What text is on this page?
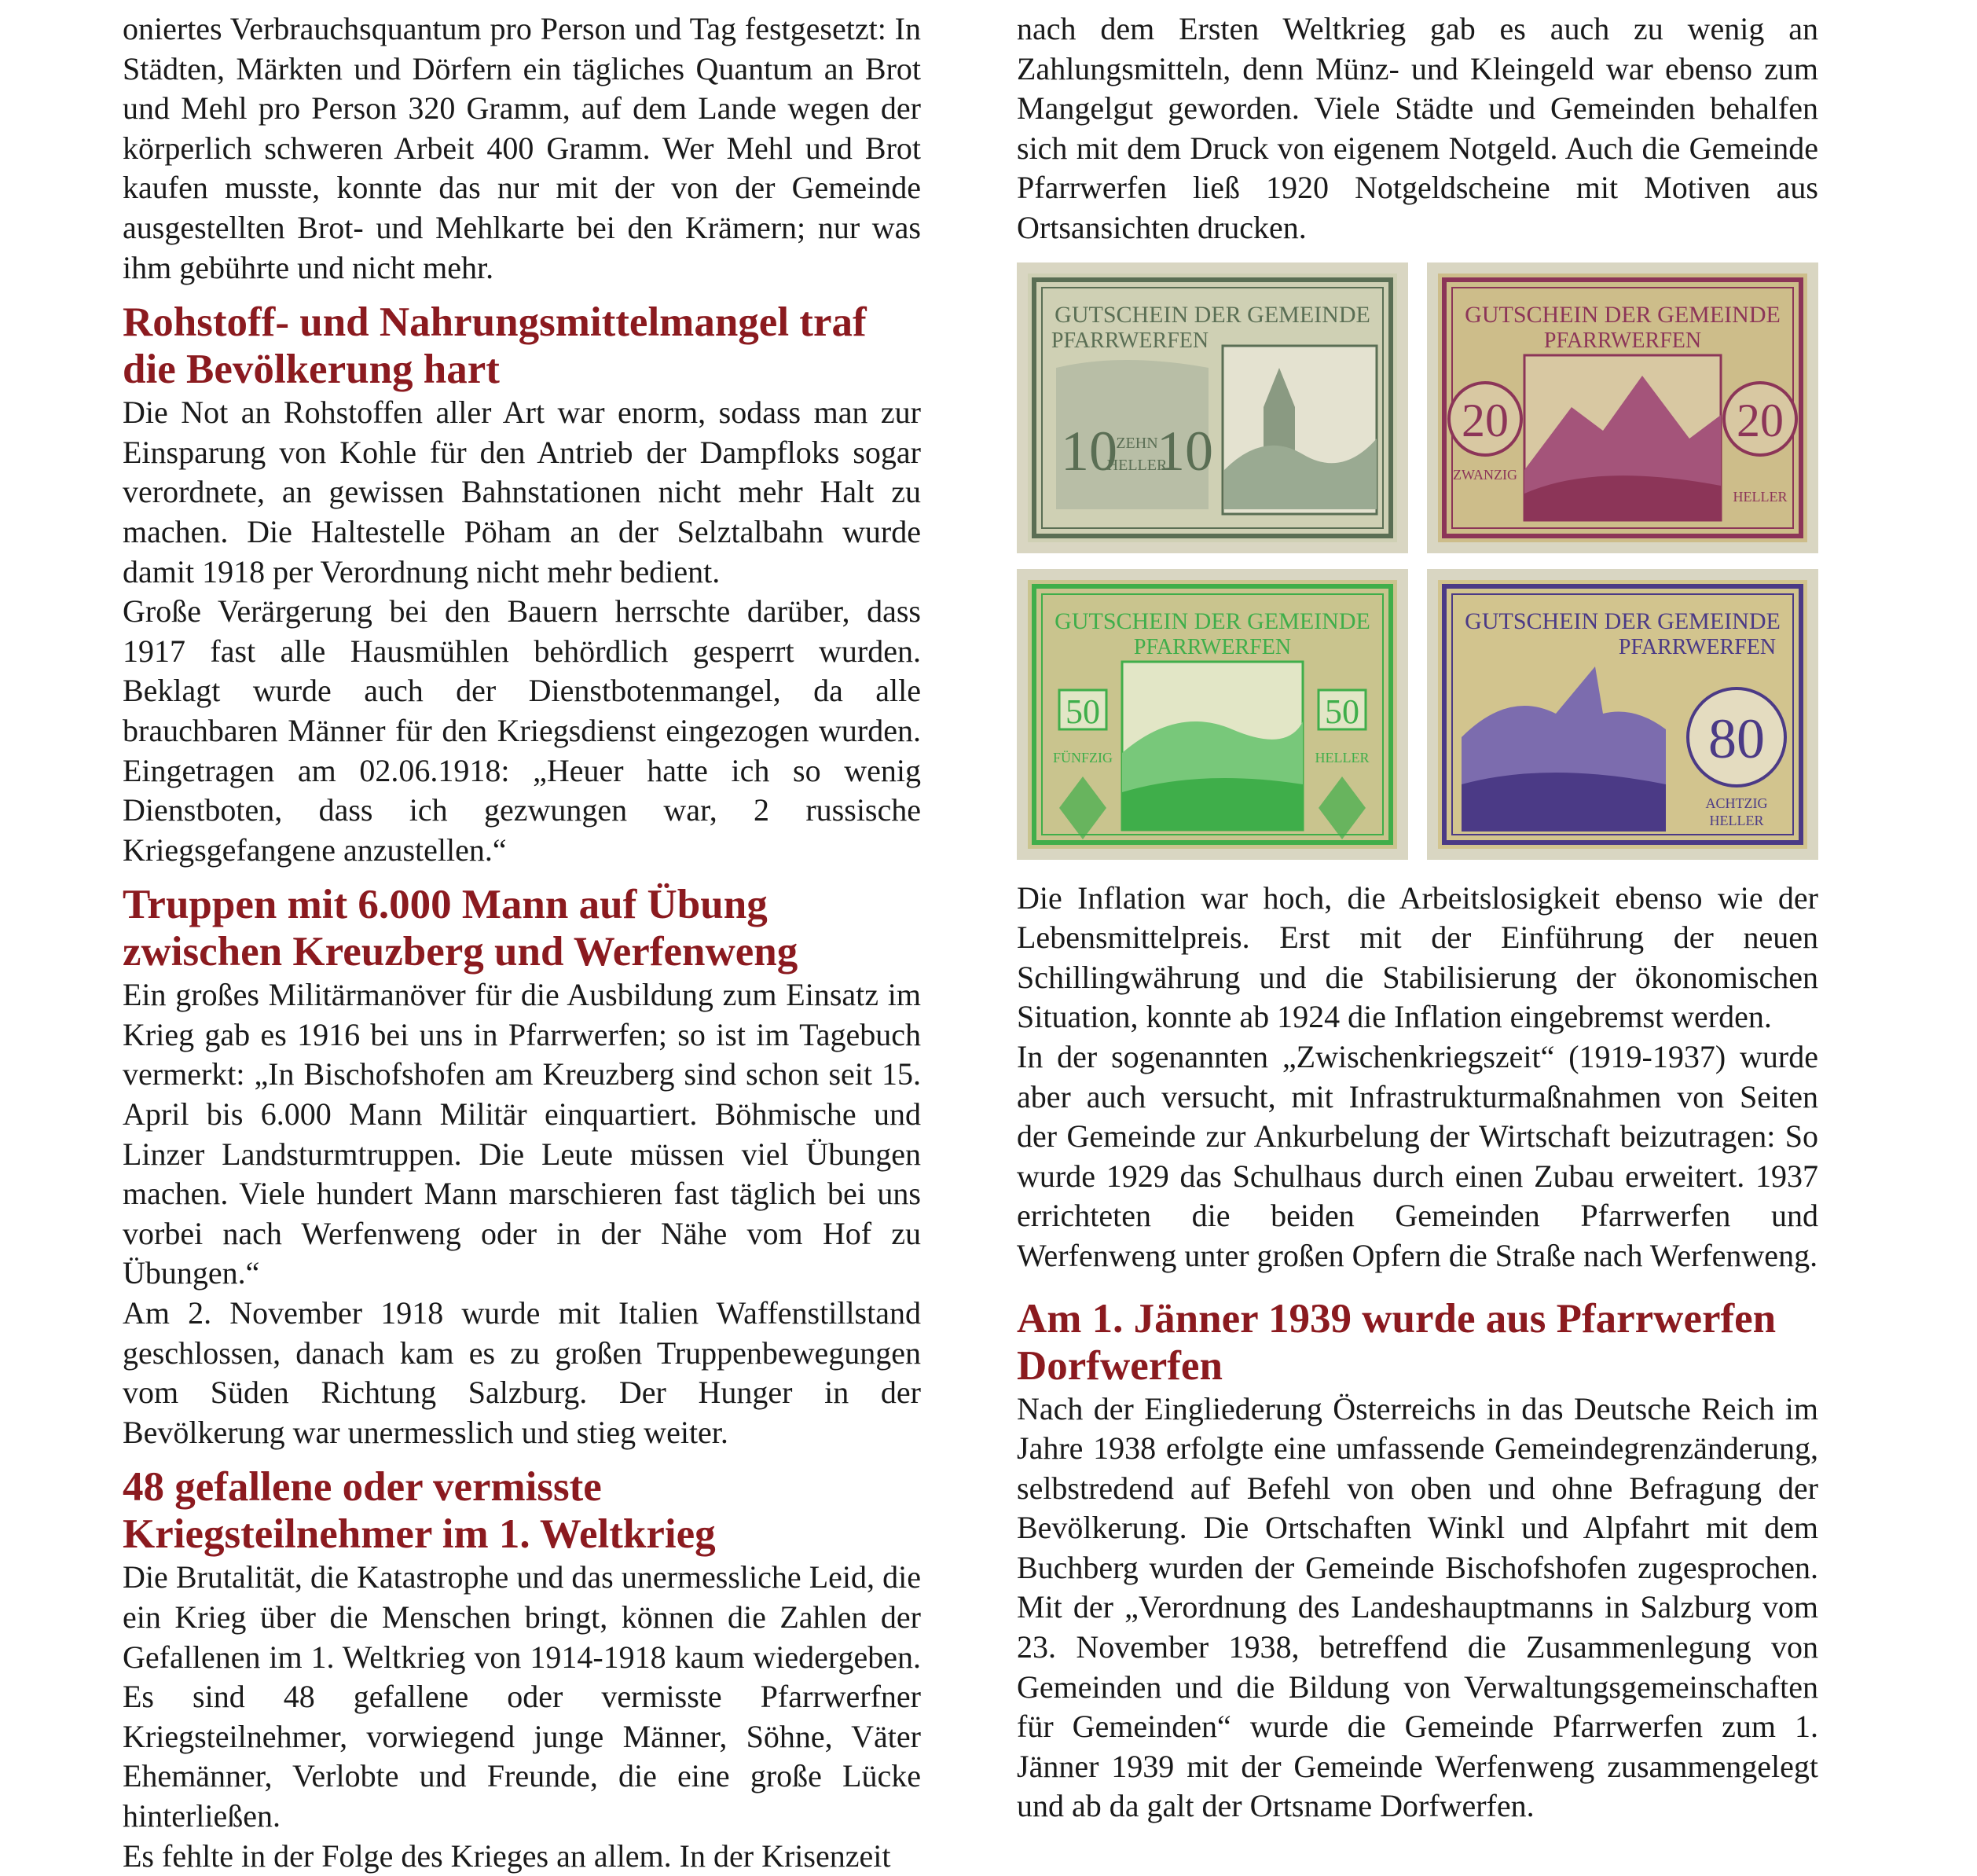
oniertes Verbrauchsquantum pro Person und Tag festgesetzt: In Städten, Märkten und Dörfern ein tägliches Quantum an Brot und Mehl pro Person 320 Gramm, auf dem Lande wegen der körperlich schweren Arbeit 400 Gramm. Wer Mehl und Brot kaufen musste, konnte das nur mit der von der Gemeinde ausgestellten Brot- und Mehlkarte bei den Krämern; nur was ihm gebührte und nicht mehr.

Rohstoff- und Nahrungsmittelmangel traf die Bevölkerung hart

Die Not an Rohstoffen aller Art war enorm, sodass man zur Einsparung von Kohle für den Antrieb der Dampfloks sogar verordnete, an gewissen Bahnstationen nicht mehr Halt zu machen. Die Haltestelle Pöham an der Selztalbahn wurde damit 1918 per Verordnung nicht mehr bedient.

Große Verärgerung bei den Bauern herrschte darüber, dass 1917 fast alle Hausmühlen behördlich gesperrt wurden. Beklagt wurde auch der Dienstbotenmangel, da alle brauchbaren Männer für den Kriegsdienst eingezogen wurden. Eingetragen am 02.06.1918: „Heuer hatte ich so wenig Dienstboten, dass ich gezwungen war, 2 russische Kriegsgefangene anzustellen.“

Truppen mit 6.000 Mann auf Übung zwischen Kreuzberg und Werfenweng

Ein großes Militärmanöver für die Ausbildung zum Einsatz im Krieg gab es 1916 bei uns in Pfarrwerfen; so ist im Tagebuch vermerkt: „In Bischofshofen am Kreuzberg sind schon seit 15. April bis 6.000 Mann Militär einquartiert. Böhmische und Linzer Landsturmtruppen. Die Leute müssen viel Übungen machen. Viele hundert Mann marschieren fast täglich bei uns vorbei nach Werfenweng oder in der Nähe vom Hof zu Übungen.“

Am 2. November 1918 wurde mit Italien Waffenstillstand geschlossen, danach kam es zu großen Truppenbewegungen vom Süden Richtung Salzburg. Der Hunger in der Bevölkerung war unermesslich und stieg weiter.

48 gefallene oder vermisste Kriegsteilnehmer im 1. Weltkrieg

Die Brutalität, die Katastrophe und das unermessliche Leid, die ein Krieg über die Menschen bringt, können die Zahlen der Gefallenen im 1. Weltkrieg von 1914-1918 kaum wiedergeben. Es sind 48 gefallene oder vermisste Pfarrwerfner Kriegsteilnehmer, vorwiegend junge Männer, Söhne, Väter Ehemänner, Verlobte und Freunde, die eine große Lücke hinterließen.

Es fehlte in der Folge des Krieges an allem. In der Krisenzeit

nach dem Ersten Weltkrieg gab es auch zu wenig an Zahlungsmitteln, denn Münz- und Kleingeld war ebenso zum Mangelgut geworden. Viele Städte und Gemeinden behalfen sich mit dem Druck von eigenem Notgeld. Auch die Gemeinde Pfarrwerfen ließ 1920 Notgeldscheine mit Motiven aus Ortsansichten drucken.

GUTSCHEIN DER GEMEINDE
PFARRWERFEN
10 10
ZEHN
HELLER
GUTSCHEIN DER GEMEINDE
PFARRWERFEN
20	20
ZWANZIG
HELLER
GUTSCHEIN DER GEMEINDE
PFARRWERFEN
50	50
FÜNFZIG	HELLER
GUTSCHEIN DER GEMEINDE
PFARRWERFEN
80
ACHTZIG
HELLER

Die Inflation war hoch, die Arbeitslosigkeit ebenso wie der Lebensmittelpreis. Erst mit der Einführung der neuen Schillingwährung und die Stabilisierung der ökonomischen Situation, konnte ab 1924 die Inflation eingebremst werden.

In der sogenannten „Zwischenkriegszeit“ (1919-1937) wurde aber auch versucht, mit Infrastrukturmaßnahmen von Seiten der Gemeinde zur Ankurbelung der Wirtschaft beizutragen: So wurde 1929 das Schulhaus durch einen Zubau erweitert. 1937 errichteten die beiden Gemeinden Pfarrwerfen und Werfenweng unter großen Opfern die Straße nach Werfenweng.

Am 1. Jänner 1939 wurde aus Pfarrwerfen Dorfwerfen

Nach der Eingliederung Österreichs in das Deutsche Reich im Jahre 1938 erfolgte eine umfassende Gemeindegrenzänderung, selbstredend auf Befehl von oben und ohne Befragung der Bevölkerung. Die Ortschaften Winkl und Alpfahrt mit dem Buchberg wurden der Gemeinde Bischofshofen zugesprochen. Mit der „Verordnung des Landeshauptmanns in Salzburg vom 23. November 1938, betreffend die Zusammenlegung von Gemeinden und die Bildung von Verwaltungsgemeinschaften für Gemeinden“ wurde die Gemeinde Pfarrwerfen zum 1. Jänner 1939 mit der Gemeinde Werfenweng zusammengelegt und ab da galt der Ortsname Dorfwerfen.
